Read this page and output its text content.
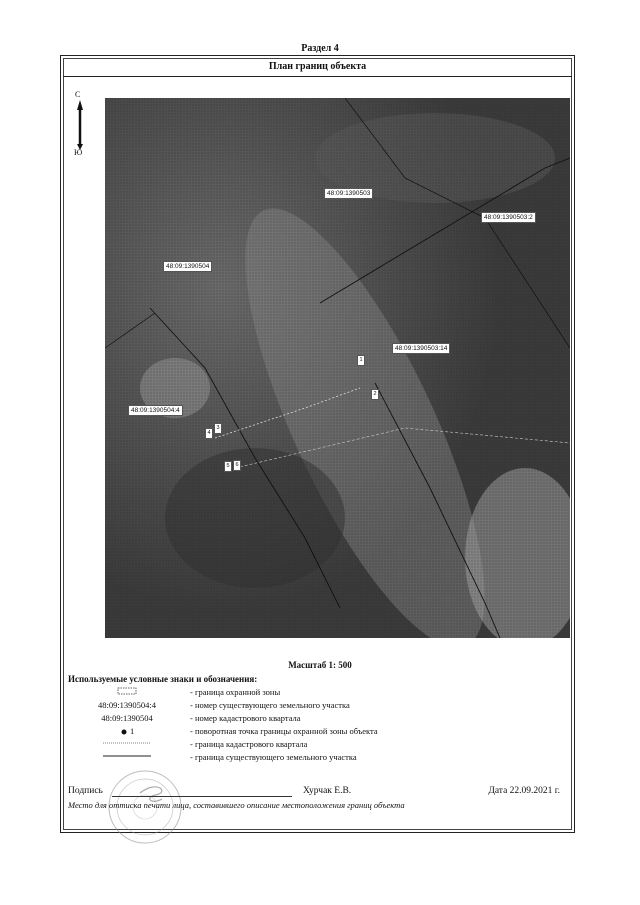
Раздел 4
План границ объекта
С
Ю
48:09:1390503
48:09:1390503:2
48:09:1390504
48:09:1390503:14
48:09:1390504:4
1
2
3
4
5	6
Масштаб 1: 500
Используемые условные знаки и обозначения:
- граница охранной зоны
48:09:1390504:4	- номер существующего земельного участка
48:09:1390504	- номер кадастрового квартала
1	- поворотная точка границы охранной зоны объекта
- граница кадастрового квартала
- граница существующего земельного участка
Подпись	Хурчак Е.В.	Дата 22.09.2021 г.
Место для оттиска печати лица, составившего описание местоположения границ объекта
